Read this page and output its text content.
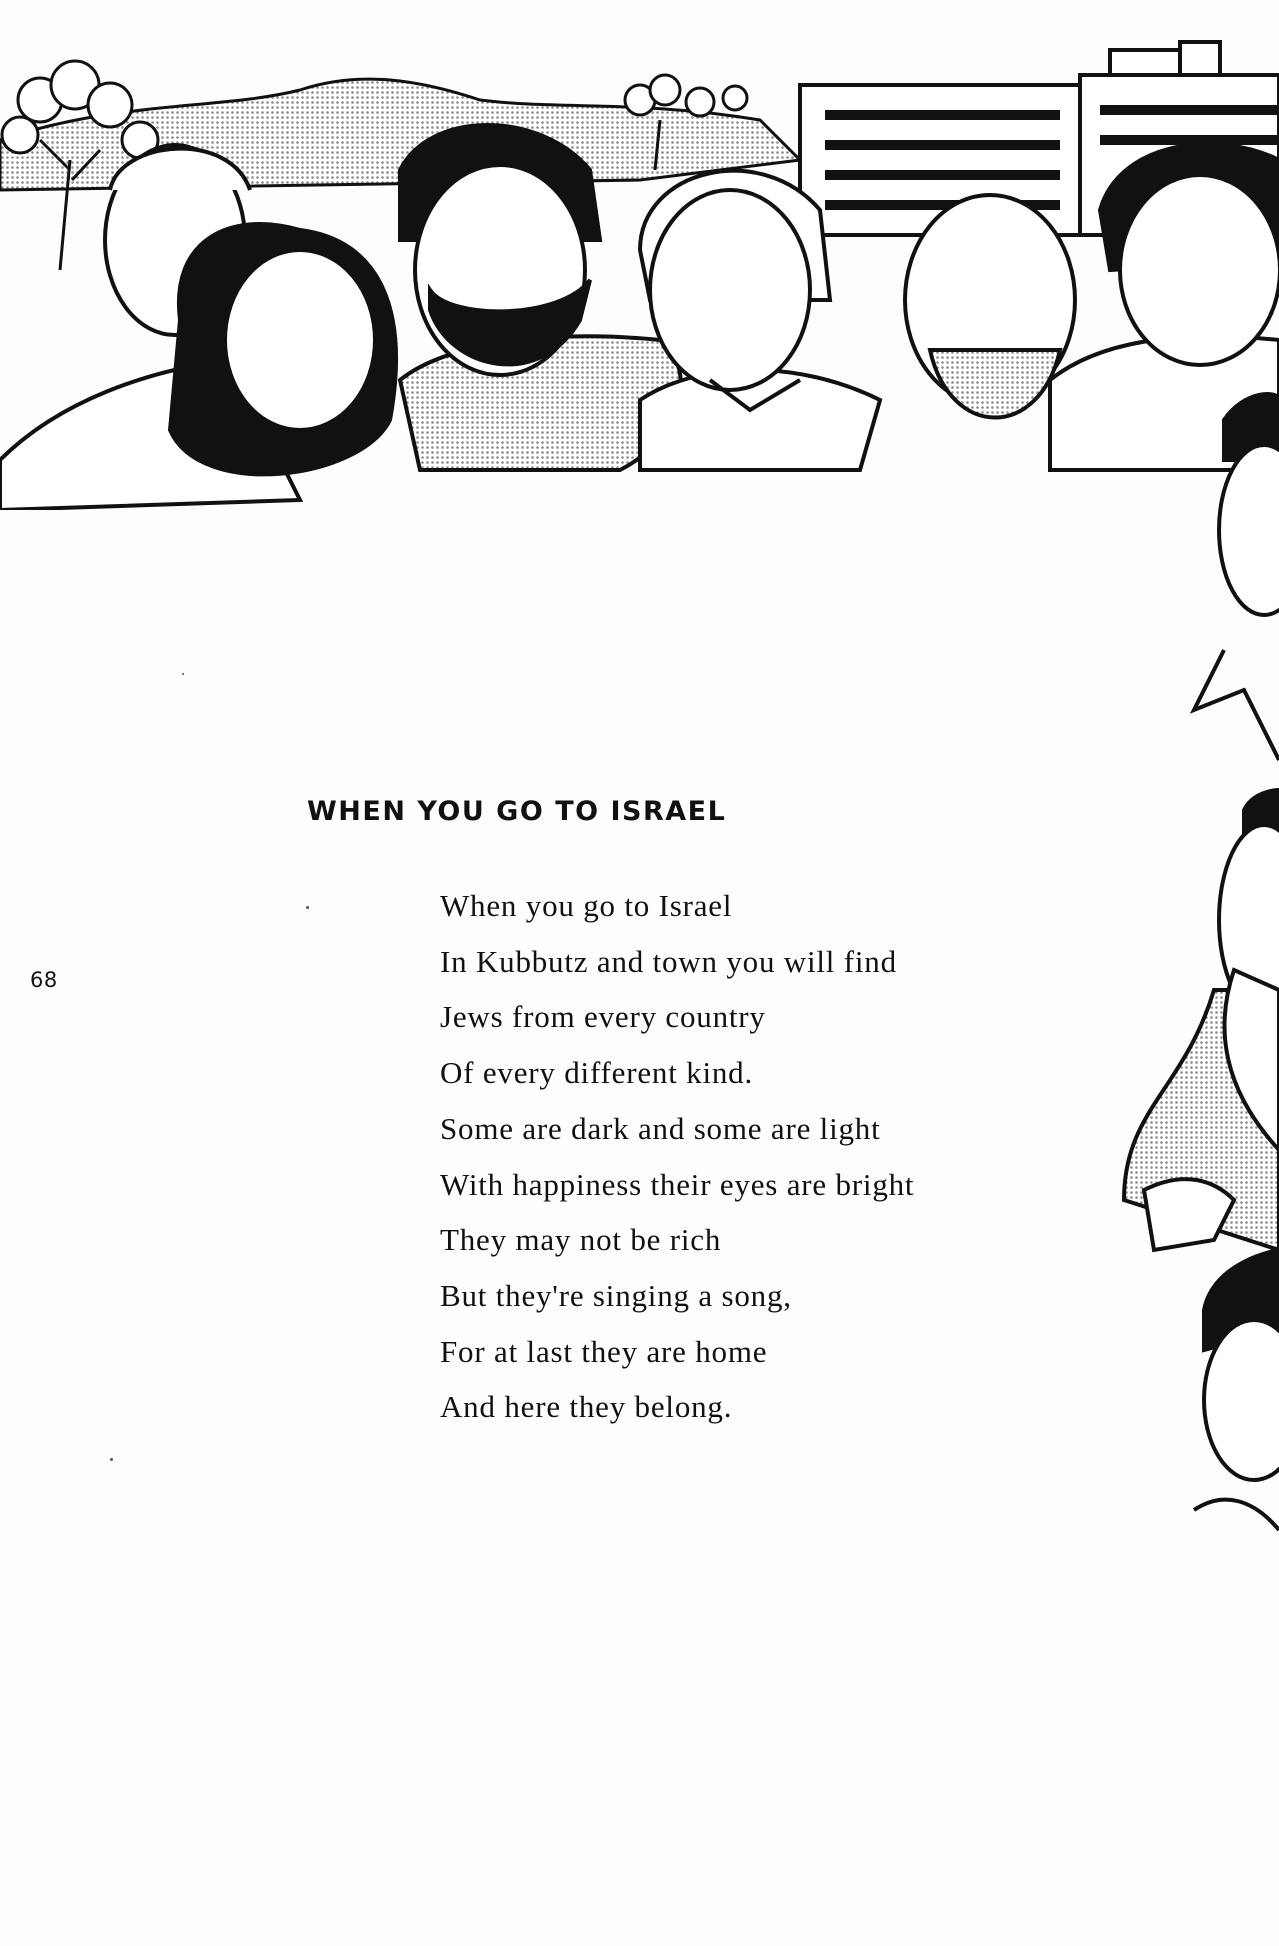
68
WHEN YOU GO TO ISRAEL
When you go to Israel
In Kubbutz and town you will find
Jews from every country
Of every different kind.
Some are dark and some are light
With happiness their eyes are bright
They may not be rich
But they're singing a song,
For at last they are home
And here they belong.
